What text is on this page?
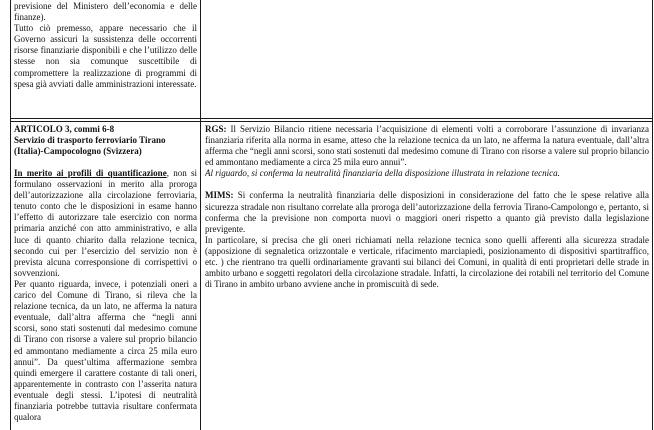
previsione del Ministero dell’economia e delle finanze).

Tutto ciò premesso, appare necessario che il Governo assicuri la sussistenza delle occorrenti risorse finanziarie disponibili e che l’utilizzo delle stesse non sia comunque suscettibile di compromettere la realizzazione di programmi di spesa già avviati dalle amministrazioni interessate.

ARTICOLO 3, commi 6-8
Servizio di trasporto ferroviario Tirano (Italia)-Campocologno (Svizzera)

In merito ai profili di quantificazione, non si formulano osservazioni in merito alla proroga dell’autorizzazione alla circolazione ferroviaria, tenuto conto che le disposizioni in esame hanno l’effetto di autorizzare tale esercizio con norma primaria anziché con atto amministrativo, e alla luce di quanto chiarito dalla relazione tecnica, secondo cui per l’esercizio del servizio non è prevista alcuna corresponsione di corrispettivi o sovvenzioni.

Per quanto riguarda, invece, i potenziali oneri a carico del Comune di Tirano, si rileva che la relazione tecnica, da un lato, ne afferma la natura eventuale, dall’altra afferma che “negli anni scorsi, sono stati sostenuti dal medesimo comune di Tirano con risorse a valere sul proprio bilancio ed ammontano mediamente a circa 25 mila euro annui”. Da quest’ultima affermazione sembra quindi emergere il carattere costante di tali oneri, apparentemente in contrasto con l’asserita natura eventuale degli stessi. L’ipotesi di neutralità finanziaria potrebbe tuttavia risultare confermata qualora

RGS: Il Servizio Bilancio ritiene necessaria l’acquisizione di elementi volti a corroborare l’assunzione di invarianza finanziaria riferita alla norma in esame, atteso che la relazione tecnica da un lato, ne afferma la natura eventuale, dall’altra afferma che “negli anni scorsi, sono stati sostenuti dal medesimo comune di Tirano con risorse a valere sul proprio bilancio ed ammontano mediamente a circa 25 mila euro annui”.

Al riguardo, si conferma la neutralità finanziaria della disposizione illustrata in relazione tecnica.

MIMS: Si conferma la neutralità finanziaria delle disposizioni in considerazione del fatto che le spese relative alla sicurezza stradale non risultano correlate alla proroga dell’autorizzazione della ferrovia Tirano-Campolongo e, pertanto, si conferma che la previsione non comporta nuovi o maggiori oneri rispetto a quanto già previsto dalla legislazione previgente.

In particolare, si precisa che gli oneri richiamati nella relazione tecnica sono quelli afferenti alla sicurezza stradale (apposizione di segnaletica orizzontale e verticale, rifacimento marciapiedi, posizionamento di dispositivi spartitraffico, etc. ) che rientrano tra quelli ordinariamente gravanti sui bilanci dei Comuni, in qualità di enti proprietari delle strade in ambito urbano e soggetti regolatori della circolazione stradale. Infatti, la circolazione dei rotabili nel territorio del Comune di Tirano in ambito urbano avviene anche in promiscuità di sede.
